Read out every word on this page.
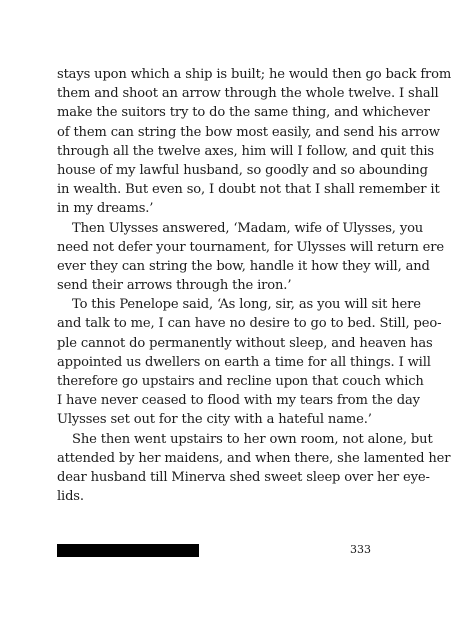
stays upon which a ship is built; he would then go back from
them and shoot an arrow through the whole twelve. I shall
make the suitors try to do the same thing, and whichever
of them can string the bow most easily, and send his arrow
through all the twelve axes, him will I follow, and quit this
house of my lawful husband, so goodly and so abounding
in wealth. But even so, I doubt not that I shall remember it
in my dreams.’
Then Ulysses answered, ‘Madam, wife of Ulysses, you
need not defer your tournament, for Ulysses will return ere
ever they can string the bow, handle it how they will, and
send their arrows through the iron.’
To this Penelope said, ‘As long, sir, as you will sit here
and talk to me, I can have no desire to go to bed. Still, peo-
ple cannot do permanently without sleep, and heaven has
appointed us dwellers on earth a time for all things. I will
therefore go upstairs and recline upon that couch which
I have never ceased to flood with my tears from the day
Ulysses set out for the city with a hateful name.’
She then went upstairs to her own room, not alone, but
attended by her maidens, and when there, she lamented her
dear husband till Minerva shed sweet sleep over her eye-
lids.
333
